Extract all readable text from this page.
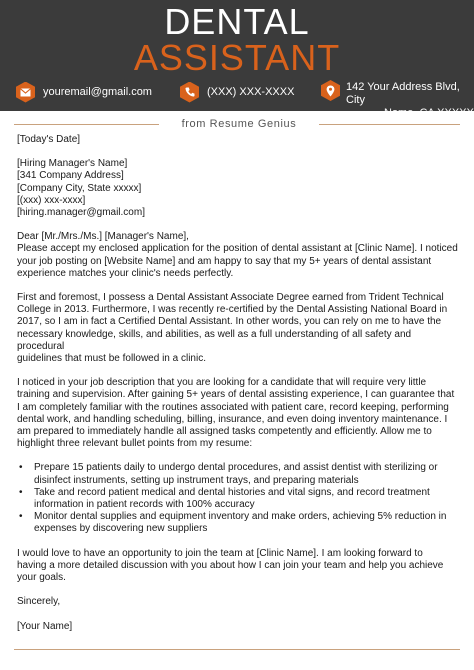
DENTAL
ASSISTANT
youremail@gmail.com	(XXX) XXX-XXXX	142 Your Address Blvd, City
Name, CA XXXXX
from Resume Genius

[Today's Date]

[Hiring Manager's Name]

[341 Company Address]

[Company City, State xxxxx]

[(xxx) xxx-xxxx]

[hiring.manager@gmail.com]

Dear [Mr./Mrs./Ms.] [Manager's Name],

Please accept my enclosed application for the position of dental assistant at [Clinic Name]. I noticed

your job posting on [Website Name] and am happy to say that my 5+ years of dental assistant

experience matches your clinic's needs perfectly.

First and foremost, I possess a Dental Assistant Associate Degree earned from Trident Technical

College in 2013. Furthermore, I was recently re-certified by the Dental Assisting National Board in

2017, so I am in fact a Certified Dental Assistant. In other words, you can rely on me to have the

necessary knowledge, skills, and abilities, as well as a full understanding of all safety and procedural

guidelines that must be followed in a clinic.

I noticed in your job description that you are looking for a candidate that will require very little

training and supervision. After gaining 5+ years of dental assisting experience, I can guarantee that

I am completely familiar with the routines associated with patient care, record keeping, performing

dental work, and handling scheduling, billing, insurance, and even doing inventory maintenance. I

am prepared to immediately handle all assigned tasks competently and efficiently. Allow me to

highlight three relevant bullet points from my resume:

• Prepare 15 patients daily to undergo dental procedures, and assist dentist with sterilizing or
disinfect instruments, setting up instrument trays, and preparing materials
• Take and record patient medical and dental histories and vital signs, and record treatment
information in patient records with 100% accuracy
• Monitor dental supplies and equipment inventory and make orders, achieving 5% reduction in
expenses by discovering new suppliers

I would love to have an opportunity to join the team at [Clinic Name]. I am looking forward to

having a more detailed discussion with you about how I can join your team and help you achieve

your goals.

Sincerely,

[Your Name]
